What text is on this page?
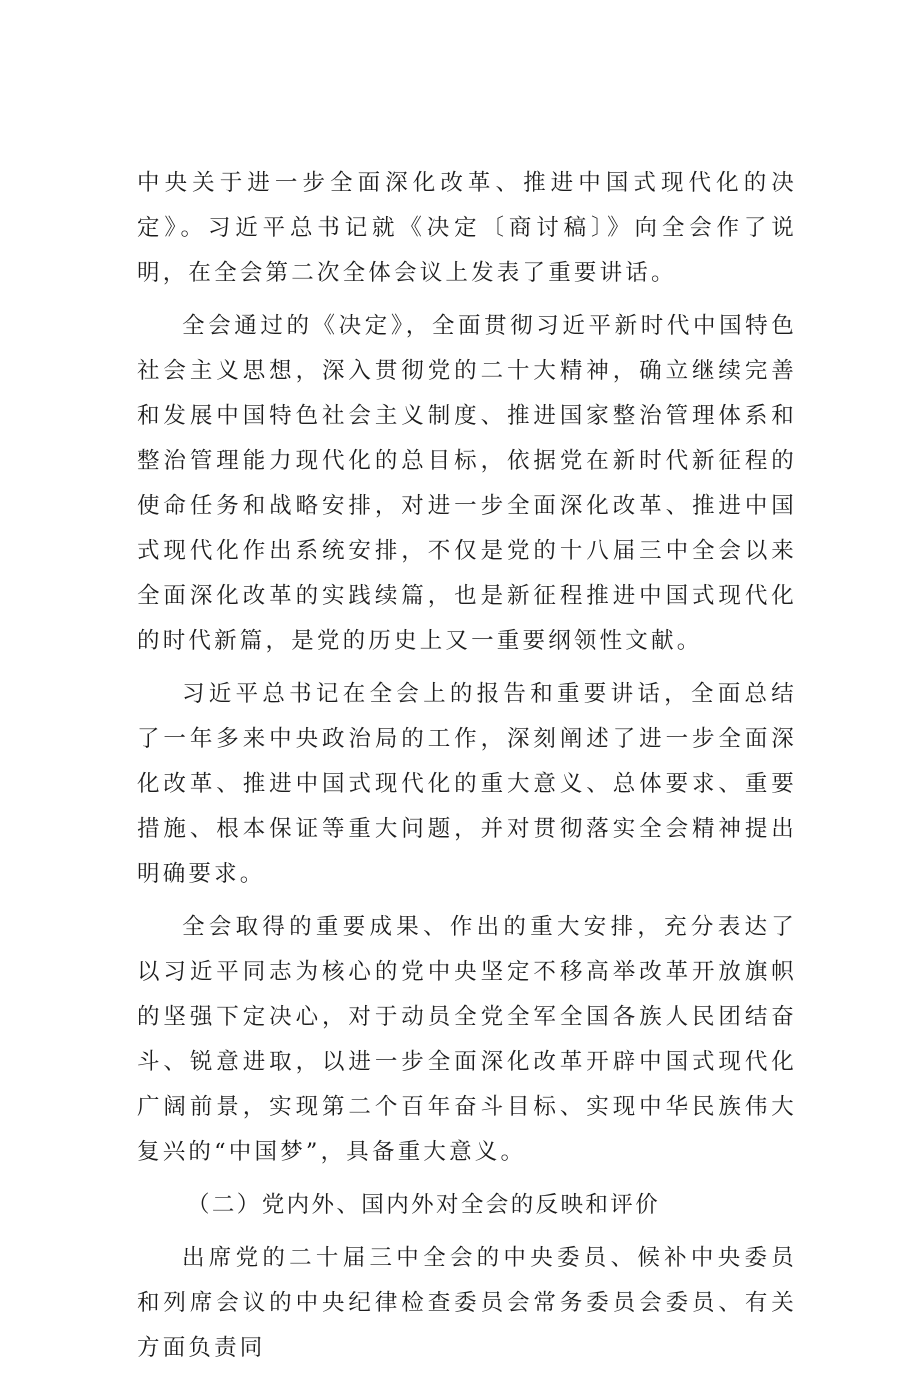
中央关于进一步全面深化改革、推进中国式现代化的决定》。习近平总书记就《决定〔商讨稿〕》向全会作了说明，在全会第二次全体会议上发表了重要讲话。

全会通过的《决定》，全面贯彻习近平新时代中国特色社会主义思想，深入贯彻党的二十大精神，确立继续完善和发展中国特色社会主义制度、推进国家整治管理体系和整治管理能力现代化的总目标，依据党在新时代新征程的使命任务和战略安排，对进一步全面深化改革、推进中国式现代化作出系统安排，不仅是党的十八届三中全会以来全面深化改革的实践续篇，也是新征程推进中国式现代化的时代新篇，是党的历史上又一重要纲领性文献。

习近平总书记在全会上的报告和重要讲话，全面总结了一年多来中央政治局的工作，深刻阐述了进一步全面深化改革、推进中国式现代化的重大意义、总体要求、重要措施、根本保证等重大问题，并对贯彻落实全会精神提出明确要求。

全会取得的重要成果、作出的重大安排，充分表达了以习近平同志为核心的党中央坚定不移高举改革开放旗帜的坚强下定决心，对于动员全党全军全国各族人民团结奋斗、锐意进取，以进一步全面深化改革开辟中国式现代化广阔前景，实现第二个百年奋斗目标、实现中华民族伟大复兴的“中国梦”，具备重大意义。

（二）党内外、国内外对全会的反映和评价

出席党的二十届三中全会的中央委员、候补中央委员和列席会议的中央纪律检查委员会常务委员会委员、有关方面负责同
